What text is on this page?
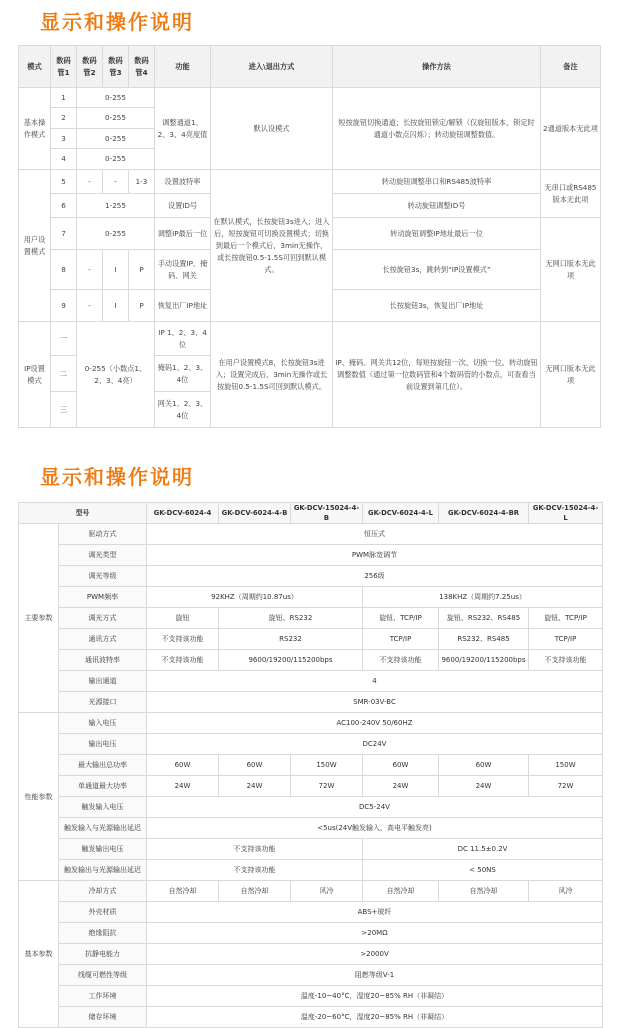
显示和操作说明
模式	数码管1	数码管2	数码管3	数码管4	功能	进入\退出方式	操作方法	备注
基本操作模式	1	0-255			调整通道1、2、3、4亮度值	默认设模式	短按旋钮切换通道；长按旋钮锁定/解锁（仅旋钮版本，锁定时通道小数点闪烁）；转动旋钮调整数值。	2通道版本无此项
	2	0-255						
	3	0-255						
	4	0-255						
用户设置模式	5	-	-	1-3	设置波特率	在默认模式，长按旋钮3s进入；进入后，短按旋钮可切换设置模式；切换到最后一个模式后，3min无操作，或长按旋钮0.5-1.5S可回到默认模式。	转动旋钮调整串口和RS485波特率	无串口或RS485版本无此项
	6	1-255			设置ID号		转动旋钮调整ID号	
	7	0-255			调整IP最后一位		转动旋钮调整IP地址最后一位	无网口版本无此项
	8	-	I	P	手动设置IP、掩码、网关		长按旋钮3s，跳转到“IP设置模式”	
	9	-	I	P	恢复出厂IP地址		长按旋钮3s，恢复出厂IP地址	
IP设置模式	一	0-255（小数点1、2、3、4亮）			IP 1、2、3、4位	在用户设置模式8，长按旋钮3s进入；设置完成后，3min无操作或长按旋钮0.5-1.5S可回到默认模式。	IP、掩码、网关共12位，每短按旋钮一次，切换一位。转动旋钮调整数值（通过第一位数码管和4个数码管的小数点，可查看当前设置到第几位）。	无网口版本无此项
	二				掩码1、2、3、4位			
	三				网关1、2、3、4位			
显示和操作说明
型号		GK-DCV-6024-4	GK-DCV-6024-4-B	GK-DCV-15024-4-B	GK-DCV-6024-4-L	GK-DCV-6024-4-BR	GK-DCV-15024-4-L
主要参数	驱动方式	恒压式					
	调光类型	PWM脉宽调节					
	调光等级	256级					
	PWM频率	92KHZ（周期约10.87us）			138KHZ（周期约7.25us）		
	调光方式	旋钮	旋钮、RS232		旋钮、TCP/IP	旋钮、RS232、RS485	旋钮、TCP/IP
	通讯方式	不支持该功能	RS232		TCP/IP	RS232、RS485	TCP/IP
	通讯波特率	不支持该功能	9600/19200/115200bps		不支持该功能	9600/19200/115200bps	不支持该功能
	输出通道	4					
	光源接口	SMR-03V-BC					
性能参数	输入电压	AC100-240V 50/60HZ					
	输出电压	DC24V					
	最大输出总功率	60W	60W	150W	60W	60W	150W
	单通道最大功率	24W	24W	72W	24W	24W	72W
	触发输入电压	DC5-24V					
	触发输入与光源输出延迟	<5us(24V触发输入，高电平触发亮)					
	触发输出电压	不支持该功能			DC 11.5±0.2V		
	触发输出与光源输出延迟	不支持该功能			< 50NS		
基本参数	冷却方式	自然冷却	自然冷却	风冷	自然冷却	自然冷却	风冷
	外壳材质	ABS+玻纤					
	绝缘阻抗	>20MΩ					
	抗静电能力	>2000V					
	线缆可燃性等级	阻燃等级V-1					
	工作环境	温度-10~40°C，湿度20~85% RH（非凝结）					
	储存环境	温度-20~60°C，湿度20~85% RH（非凝结）					
